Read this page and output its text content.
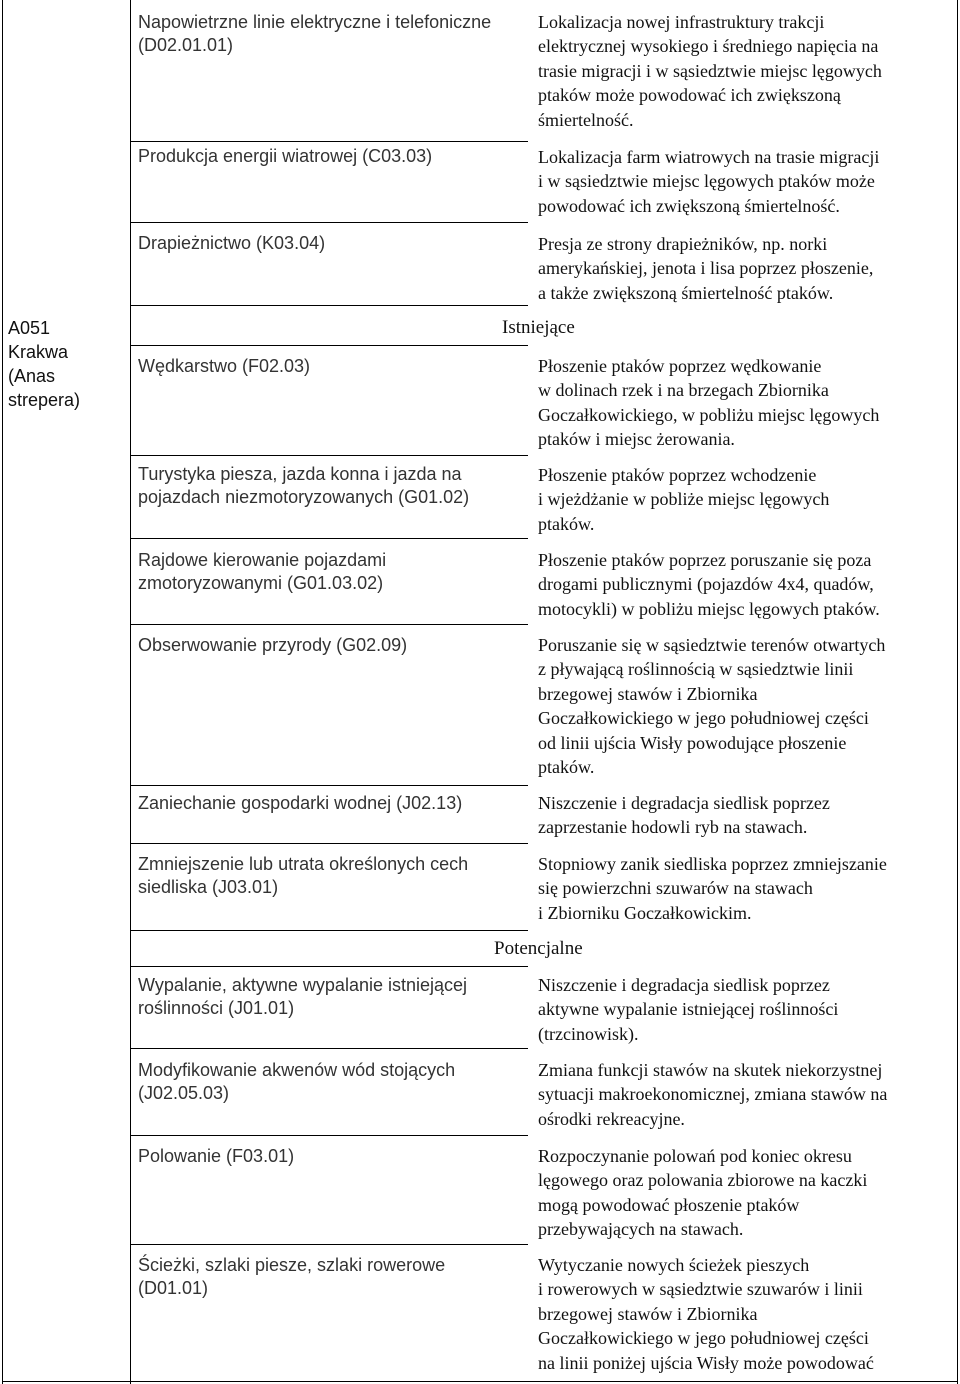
A051
Krakwa
(Anas
strepera)
Istniejące
Potencjalne
Napowietrzne linie elektryczne i telefoniczne
(D02.01.01)
Produkcja energii wiatrowej (C03.03)
Drapieżnictwo (K03.04)
Wędkarstwo (F02.03)
Turystyka piesza, jazda konna i jazda na
pojazdach niezmotoryzowanych (G01.02)
Rajdowe kierowanie pojazdami
zmotoryzowanymi (G01.03.02)
Obserwowanie przyrody (G02.09)
Zaniechanie gospodarki wodnej (J02.13)
Zmniejszenie lub utrata określonych cech
siedliska (J03.01)
Wypalanie, aktywne wypalanie istniejącej
roślinności (J01.01)
Modyfikowanie akwenów wód stojących
(J02.05.03)
Polowanie (F03.01)
Ścieżki, szlaki piesze, szlaki rowerowe
(D01.01)
Lokalizacja nowej infrastruktury trakcji
elektrycznej wysokiego i średniego napięcia na
trasie migracji i w sąsiedztwie miejsc lęgowych
ptaków może powodować ich zwiększoną
śmiertelność.
Lokalizacja farm wiatrowych na trasie migracji
i w sąsiedztwie miejsc lęgowych ptaków może
powodować ich zwiększoną śmiertelność.
Presja ze strony drapieżników, np. norki
amerykańskiej, jenota i lisa poprzez płoszenie,
a także zwiększoną śmiertelność ptaków.
Płoszenie ptaków poprzez wędkowanie
w dolinach rzek i na brzegach Zbiornika
Goczałkowickiego, w pobliżu miejsc lęgowych
ptaków i miejsc żerowania.
Płoszenie ptaków poprzez wchodzenie
i wjeżdżanie w pobliże miejsc lęgowych
ptaków.
Płoszenie ptaków poprzez poruszanie się poza
drogami publicznymi (pojazdów 4x4, quadów,
motocykli) w pobliżu miejsc lęgowych ptaków.
Poruszanie się w sąsiedztwie terenów otwartych
z pływającą roślinnością w sąsiedztwie linii
brzegowej stawów i Zbiornika
Goczałkowickiego w jego południowej części
od linii ujścia Wisły powodujące płoszenie
ptaków.
Niszczenie i degradacja siedlisk poprzez
zaprzestanie hodowli ryb na stawach.
Stopniowy zanik siedliska poprzez zmniejszanie
się powierzchni szuwarów na stawach
i Zbiorniku Goczałkowickim.
Niszczenie i degradacja siedlisk poprzez
aktywne wypalanie istniejącej roślinności
(trzcinowisk).
Zmiana funkcji stawów na skutek niekorzystnej
sytuacji makroekonomicznej, zmiana stawów na
ośrodki rekreacyjne.
Rozpoczynanie polowań pod koniec okresu
lęgowego oraz polowania zbiorowe na kaczki
mogą powodować płoszenie ptaków
przebywających na stawach.
Wytyczanie nowych ścieżek pieszych
i rowerowych w sąsiedztwie szuwarów i linii
brzegowej stawów i Zbiornika
Goczałkowickiego w jego południowej części
na linii poniżej ujścia Wisły może powodować
